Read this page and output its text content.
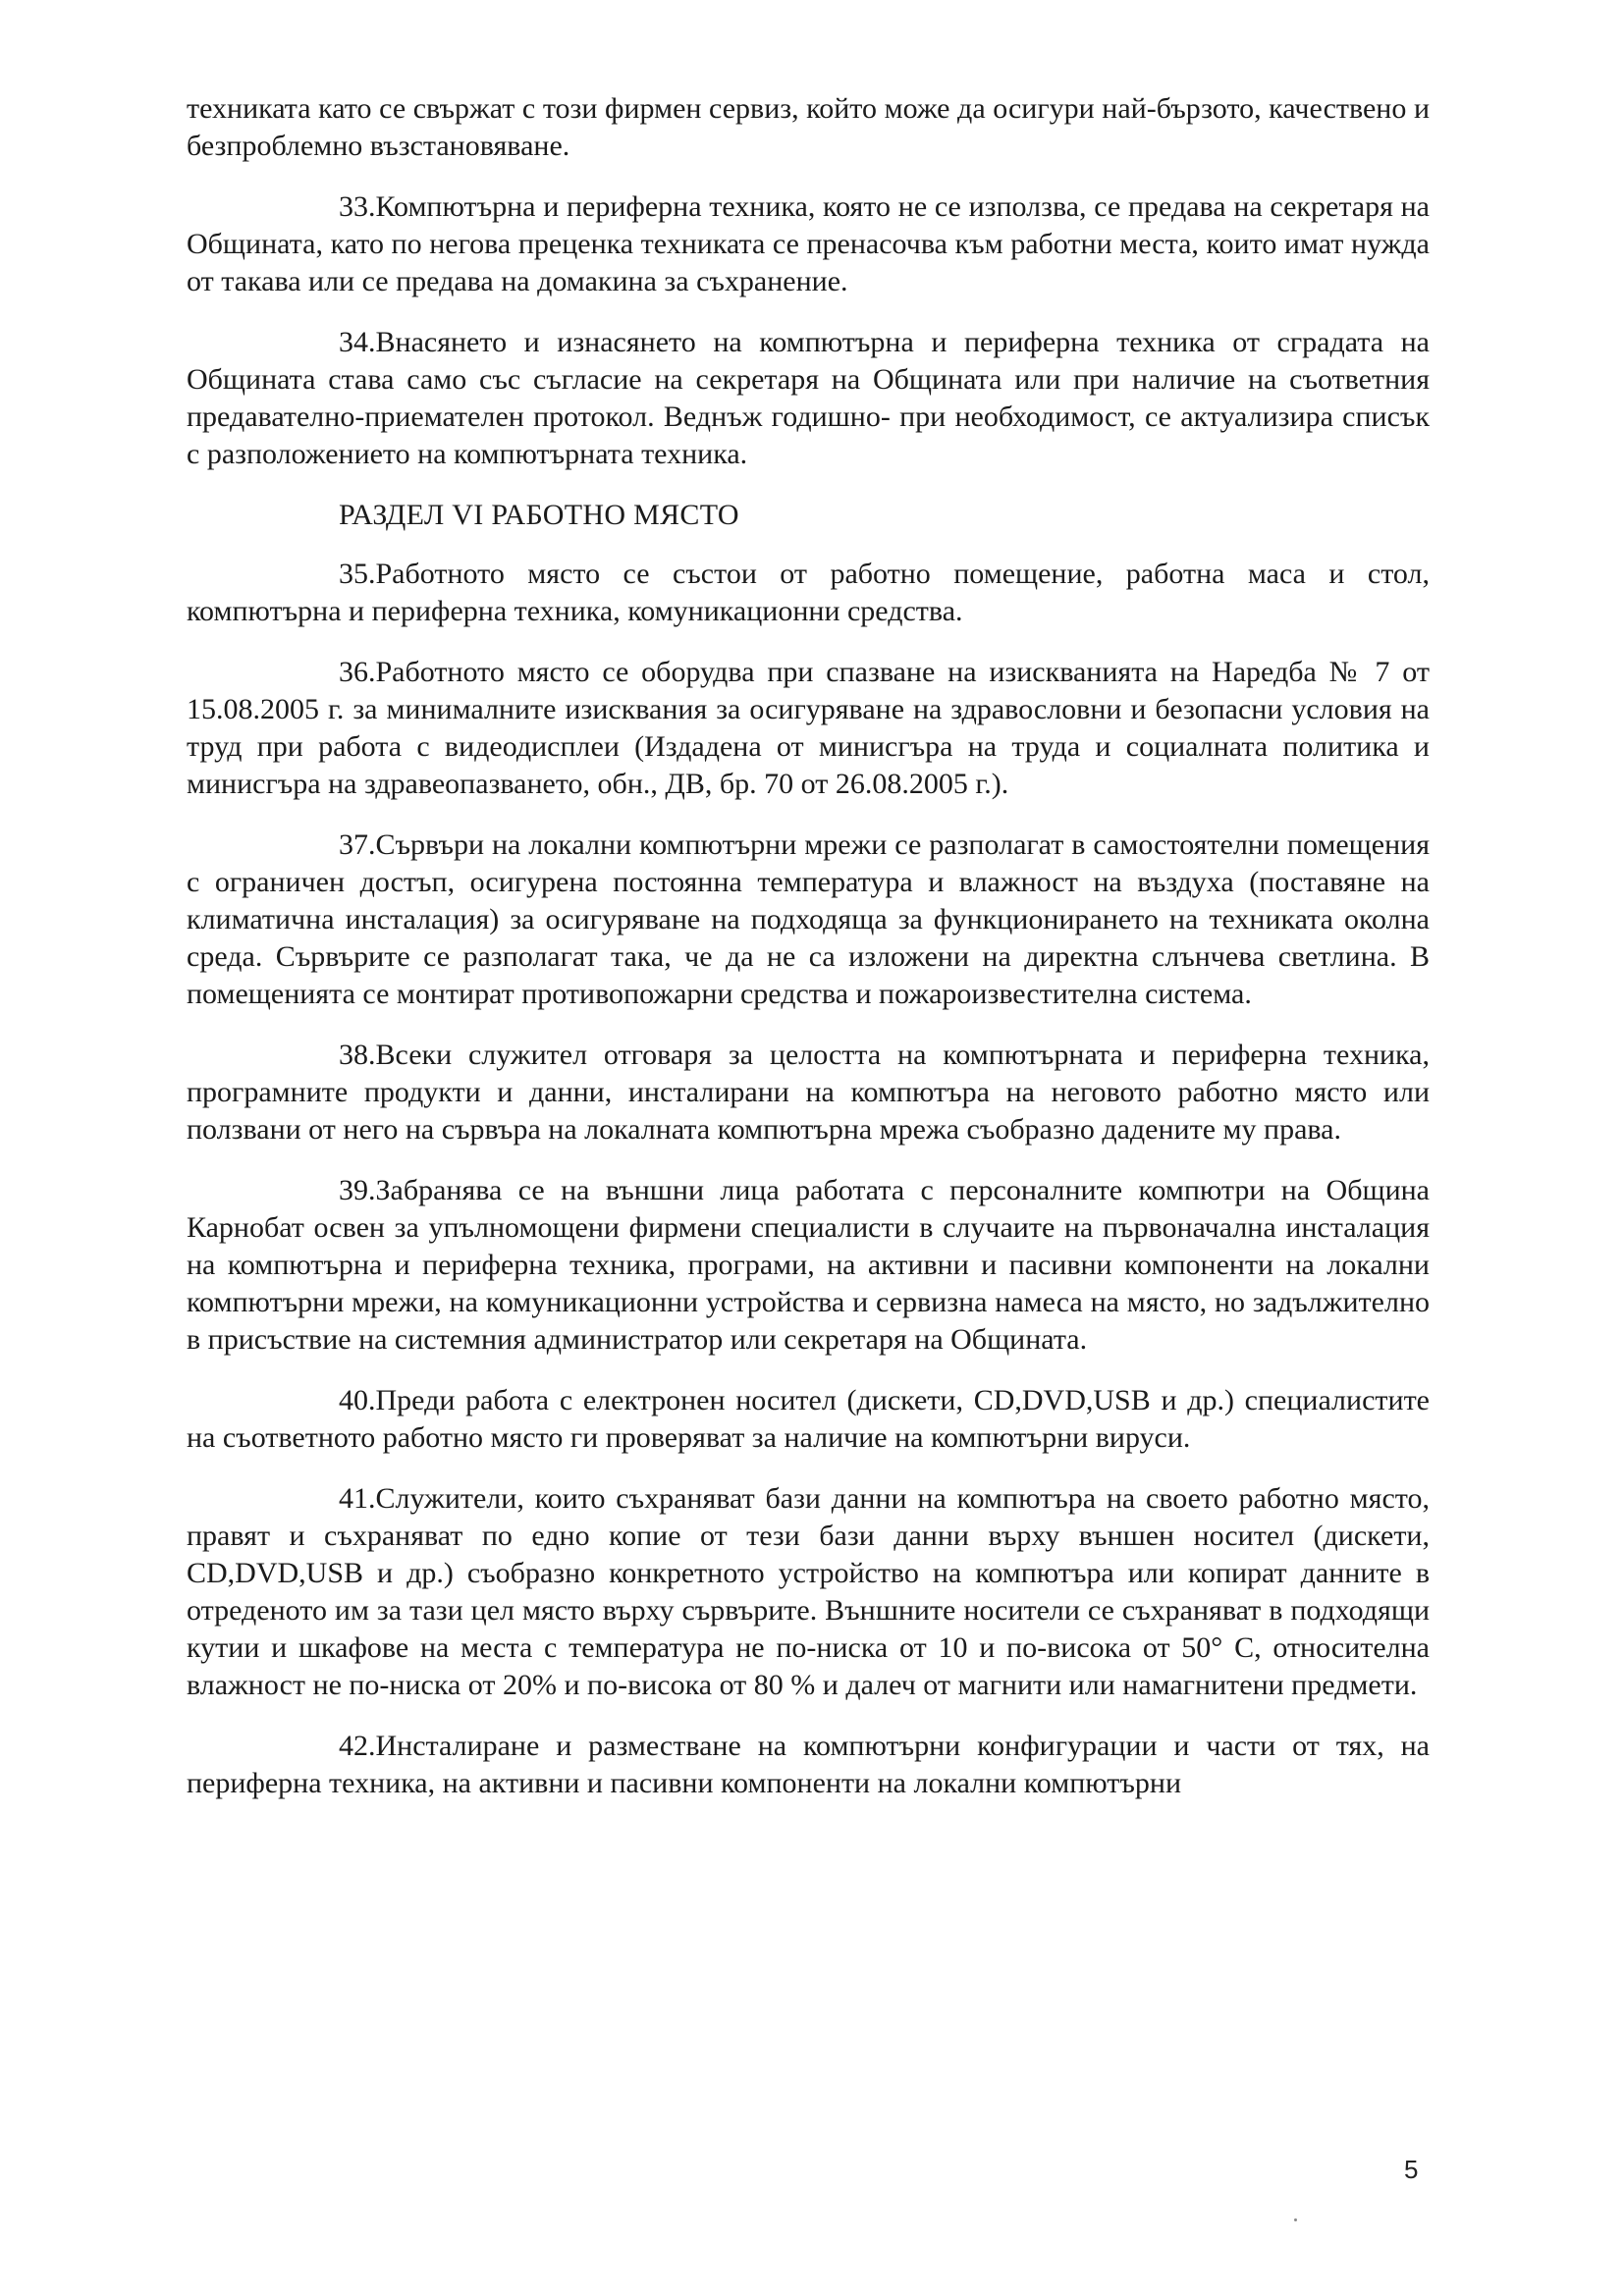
техниката като се свържат с този фирмен сервиз, който може да осигури най-бързото, качествено и безпроблемно възстановяване.

33.Компютърна и периферна техника, която не се използва, се предава на секретаря на Общината, като по негова преценка техниката се пренасочва към работни места, които имат нужда от такава или се предава на домакина за съхранение.

34.Внасянето и изнасянето на компютърна и периферна техника от сградата на Общината става само със съгласие на секретаря на Общината или при наличие на съответния предавателно-приемателен протокол. Веднъж годишно- при необходимост, се актуализира списък с разположението на компютърната техника.

РАЗДЕЛ VI РАБОТНО МЯСТО

35.Работното място се състои от работно помещение, работна маса и стол, компютърна и периферна техника, комуникационни средства.

36.Работното място се оборудва при спазване на изискванията на Наредба № 7 от 15.08.2005 г. за минималните изисквания за осигуряване на здравословни и безопасни условия на труд при работа с видеодисплеи (Издадена от минисгъра на труда и социалната политика и минисгъра на здравеопазването, обн., ДВ, бр. 70 от 26.08.2005 г.).

37.Сървъри на локални компютърни мрежи се разполагат в самостоятелни помещения с ограничен достъп, осигурена постоянна температура и влажност на въздуха (поставяне на климатична инсталация) за осигуряване на подходяща за функционирането на техниката околна среда. Сървърите се разполагат така, че да не са изложени на директна слънчева светлина. В помещенията се монтират противопожарни средства и пожароизвестителна система.

38.Всеки служител отговаря за целостта на компютърната и периферна техника, програмните продукти и данни, инсталирани на компютъра на неговото работно място или ползвани от него на сървъра на локалната компютърна мрежа съобразно дадените му права.

39.Забранява се на външни лица работата с персоналните компютри на Община Карнобат освен за упълномощени фирмени специалисти в случаите на първоначална инсталация на компютърна и периферна техника, програми, на активни и пасивни компоненти на локални компютърни мрежи, на комуникационни устройства и сервизна намеса на място, но задължително в присъствие на системния администратор или секретаря на Общината.

40.Преди работа с електронен носител (дискети, CD,DVD,USB и др.) специалистите на съответното работно място ги проверяват за наличие на компютърни вируси.

41.Служители, които съхраняват бази данни на компютъра на своето работно място, правят и съхраняват по едно копие от тези бази данни върху външен носител (дискети, CD,DVD,USB и др.) съобразно конкретното устройство на компютъра или копират данните в отреденото им за тази цел място върху сървърите. Външните носители се съхраняват в подходящи кутии и шкафове на места с температура не по-ниска от 10 и по-висока от 50° С, относителна влажност не по-ниска от 20% и по-висока от 80 % и далеч от магнити или намагнитени предмети.

42.Инсталиране и разместване на компютърни конфигурации и части от тях, на периферна техника, на активни и пасивни компоненти на локални компютърни

5
